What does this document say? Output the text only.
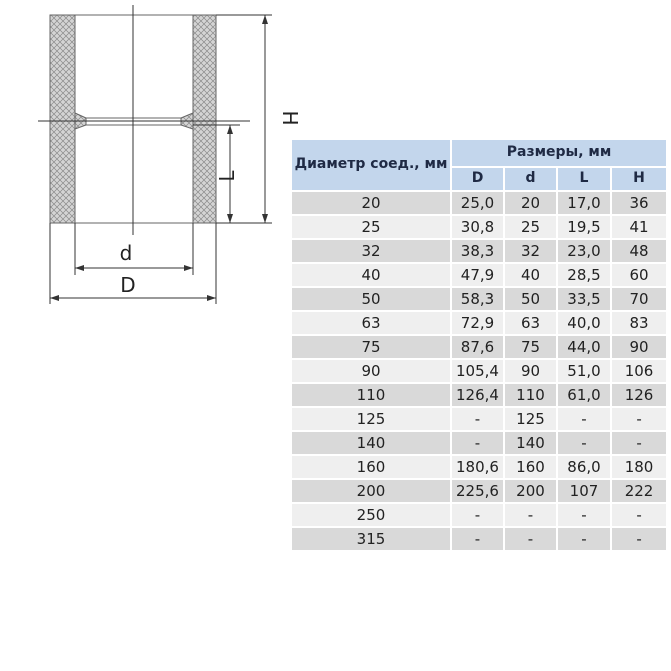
H
L
d
D
Диаметр соед., мм	Размеры, мм			
	D	d	L	H
20	25,0	20	17,0	36
25	30,8	25	19,5	41
32	38,3	32	23,0	48
40	47,9	40	28,5	60
50	58,3	50	33,5	70
63	72,9	63	40,0	83
75	87,6	75	44,0	90
90	105,4	90	51,0	106
110	126,4	110	61,0	126
125	-	125	-	-
140	-	140	-	-
160	180,6	160	86,0	180
200	225,6	200	107	222
250	-	-	-	-
315	-	-	-	-
